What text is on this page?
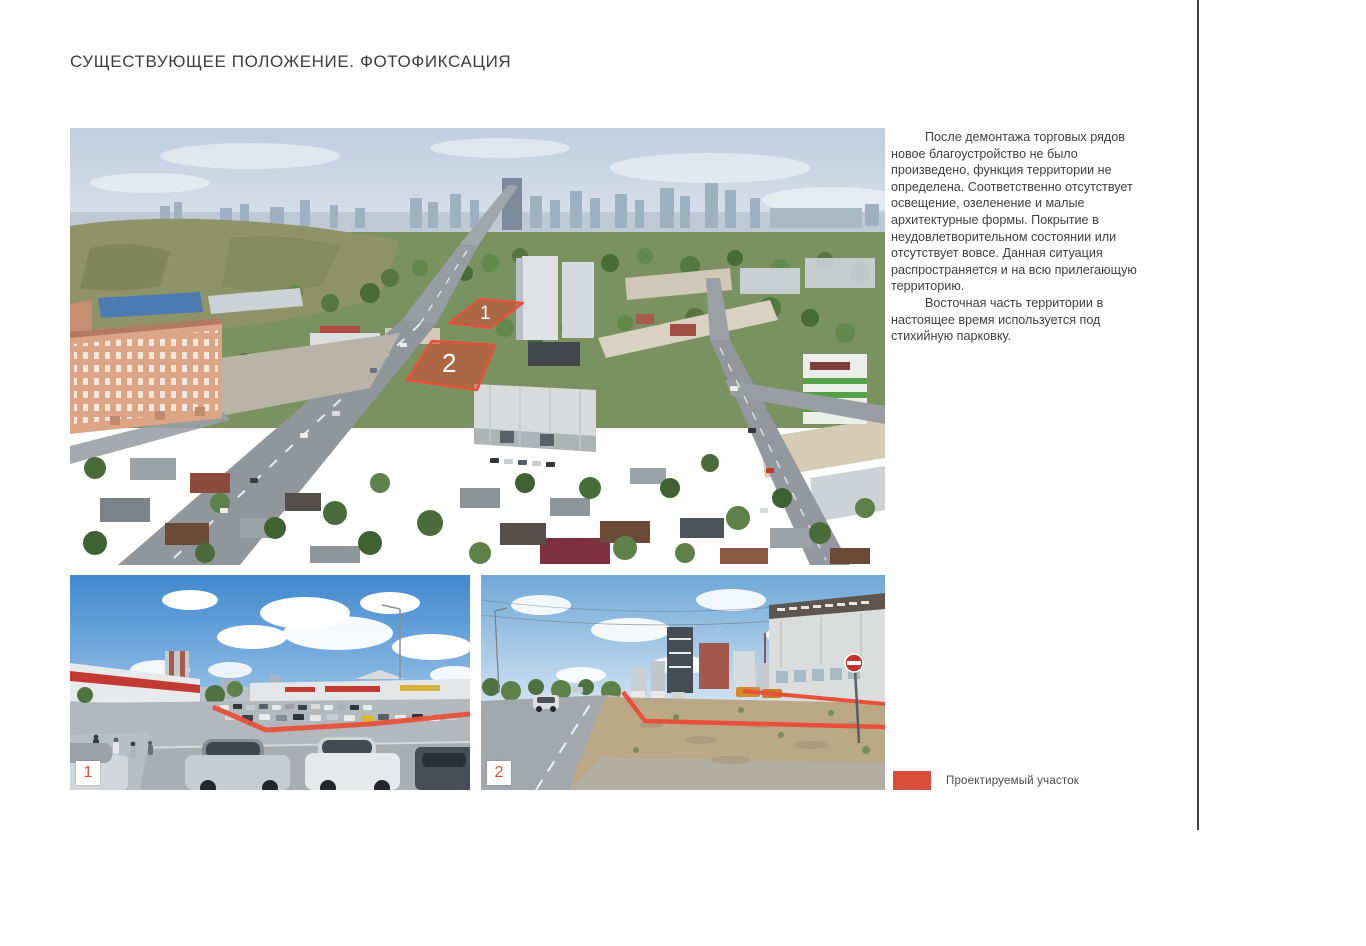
СУЩЕСТВУЮЩЕЕ ПОЛОЖЕНИЕ. ФОТОФИКСАЦИЯ
1
2

После демонтажа торговых рядов новое благоустройство не было произведено, функция территории не определена. Соответственно отсутствует освещение, озеленение и малые архитектурные формы. Покрытие в неудовлетворительном состоянии или отсутствует вовсе. Данная ситуация распространяется и на всю прилегающую территорию.

Восточная часть территории в настоящее время используется под стихийную парковку.

1	2	Проектируемый участок
